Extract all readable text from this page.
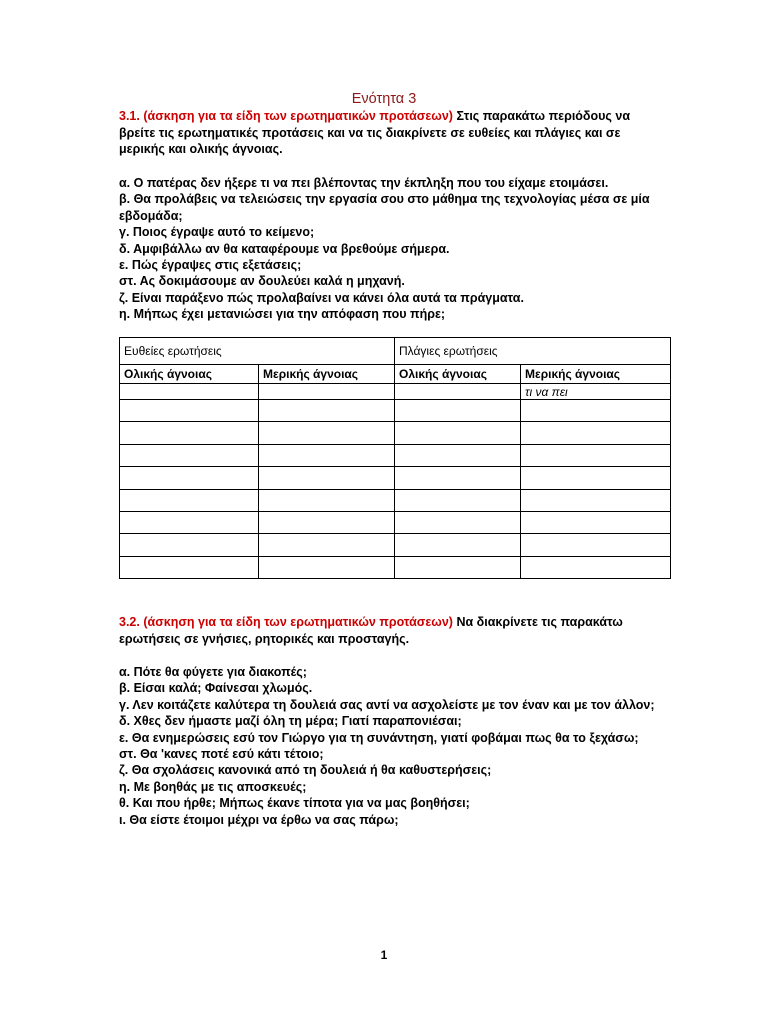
Ενότητα 3
3.1. (άσκηση για τα είδη των ερωτηματικών προτάσεων) Στις παρακάτω περιόδους να βρείτε τις ερωτηματικές προτάσεις και να τις διακρίνετε σε ευθείες και πλάγιες και σε μερικής και ολικής άγνοιας.
α. Ο πατέρας δεν ήξερε τι να πει βλέποντας την έκπληξη που του είχαμε ετοιμάσει.
β. Θα προλάβεις να τελειώσεις την εργασία σου στο μάθημα της τεχνολογίας μέσα σε μία
εβδομάδα;
γ. Ποιος έγραψε αυτό το κείμενο;
δ. Αμφιβάλλω αν θα καταφέρουμε να βρεθούμε σήμερα.
ε. Πώς έγραψες στις εξετάσεις;
στ. Ας δοκιμάσουμε αν δουλεύει καλά η μηχανή.
ζ. Είναι παράξενο πώς προλαβαίνει να κάνει όλα αυτά τα πράγματα.
η. Μήπως έχει μετανιώσει για την απόφαση που πήρε;
Ευθείες ερωτήσεις		Πλάγιες ερωτήσεις	
Ολικής άγνοιας	Μερικής άγνοιας	Ολικής άγνοιας	Μερικής άγνοιας
			τι να πει

3.2. (άσκηση για τα είδη των ερωτηματικών προτάσεων) Να διακρίνετε τις παρακάτω ερωτήσεις σε γνήσιες, ρητορικές και προσταγής.
α. Πότε θα φύγετε για διακοπές;
β. Είσαι καλά; Φαίνεσαι χλωμός.
γ. Λεν κοιτάζετε καλύτερα τη δουλειά σας αντί να ασχολείστε με τον έναν και με τον άλλον;
δ. Χθες δεν ήμαστε μαζί όλη τη μέρα; Γιατί παραπονιέσαι;
ε. Θα ενημερώσεις εσύ τον Γιώργο για τη συνάντηση, γιατί φοβάμαι πως θα το ξεχάσω;
στ. Θα 'κανες ποτέ εσύ κάτι τέτοιο;
ζ. Θα σχολάσεις κανονικά από τη δουλειά ή θα καθυστερήσεις;
η. Με βοηθάς με τις αποσκευές;
θ. Και που ήρθε; Μήπως έκανε τίποτα για να μας βοηθήσει;
ι. Θα είστε έτοιμοι μέχρι να έρθω να σας πάρω;
1
